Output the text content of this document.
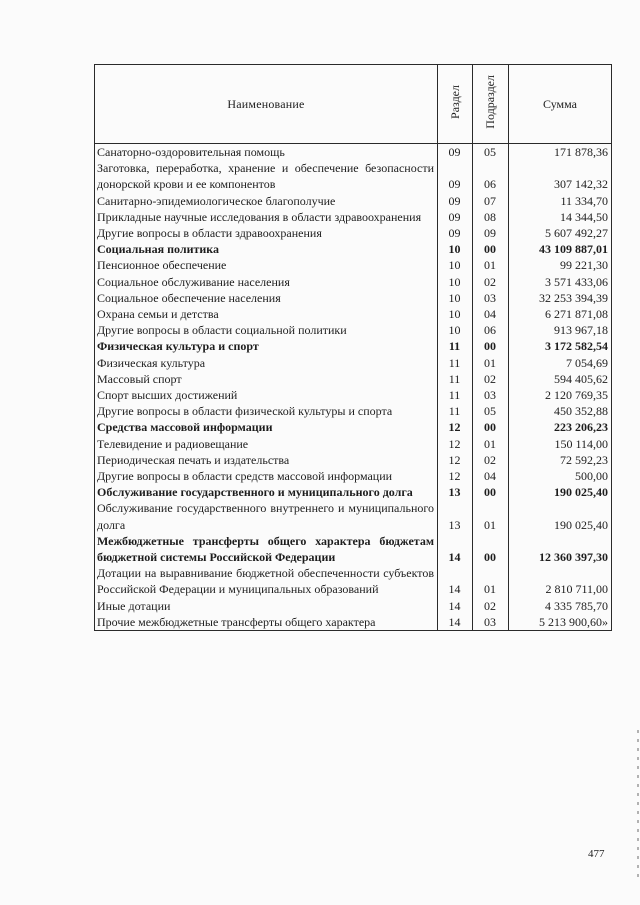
Наименование	Раздел	Подраздел	Сумма
Санаторно-оздоровительная помощь	09	05	171 878,36
Заготовка, переработка, хранение и обеспечение безопасности донорской крови и ее компонентов	09	06	307 142,32
Санитарно-эпидемиологическое благополучие	09	07	11 334,70
Прикладные научные исследования в области здравоохранения	09	08	14 344,50
Другие вопросы в области здравоохранения	09	09	5 607 492,27
Социальная политика	10	00	43 109 887,01
Пенсионное обеспечение	10	01	99 221,30
Социальное обслуживание населения	10	02	3 571 433,06
Социальное обеспечение населения	10	03	32 253 394,39
Охрана семьи и детства	10	04	6 271 871,08
Другие вопросы в области социальной политики	10	06	913 967,18
Физическая культура и спорт	11	00	3 172 582,54
Физическая культура	11	01	7 054,69
Массовый спорт	11	02	594 405,62
Спорт высших достижений	11	03	2 120 769,35
Другие вопросы в области физической культуры и спорта	11	05	450 352,88
Средства массовой информации	12	00	223 206,23
Телевидение и радиовещание	12	01	150 114,00
Периодическая печать и издательства	12	02	72 592,23
Другие вопросы в области средств массовой информации	12	04	500,00
Обслуживание государственного и муниципального долга	13	00	190 025,40
Обслуживание государственного внутреннего и муниципального долга	13	01	190 025,40
Межбюджетные трансферты общего характера бюджетам бюджетной системы Российской Федерации	14	00	12 360 397,30
Дотации на выравнивание бюджетной обеспеченности субъектов Российской Федерации и муниципальных образований	14	01	2 810 711,00
Иные дотации	14	02	4 335 785,70
Прочие межбюджетные трансферты общего характера	14	03	5 213 900,60»
477
